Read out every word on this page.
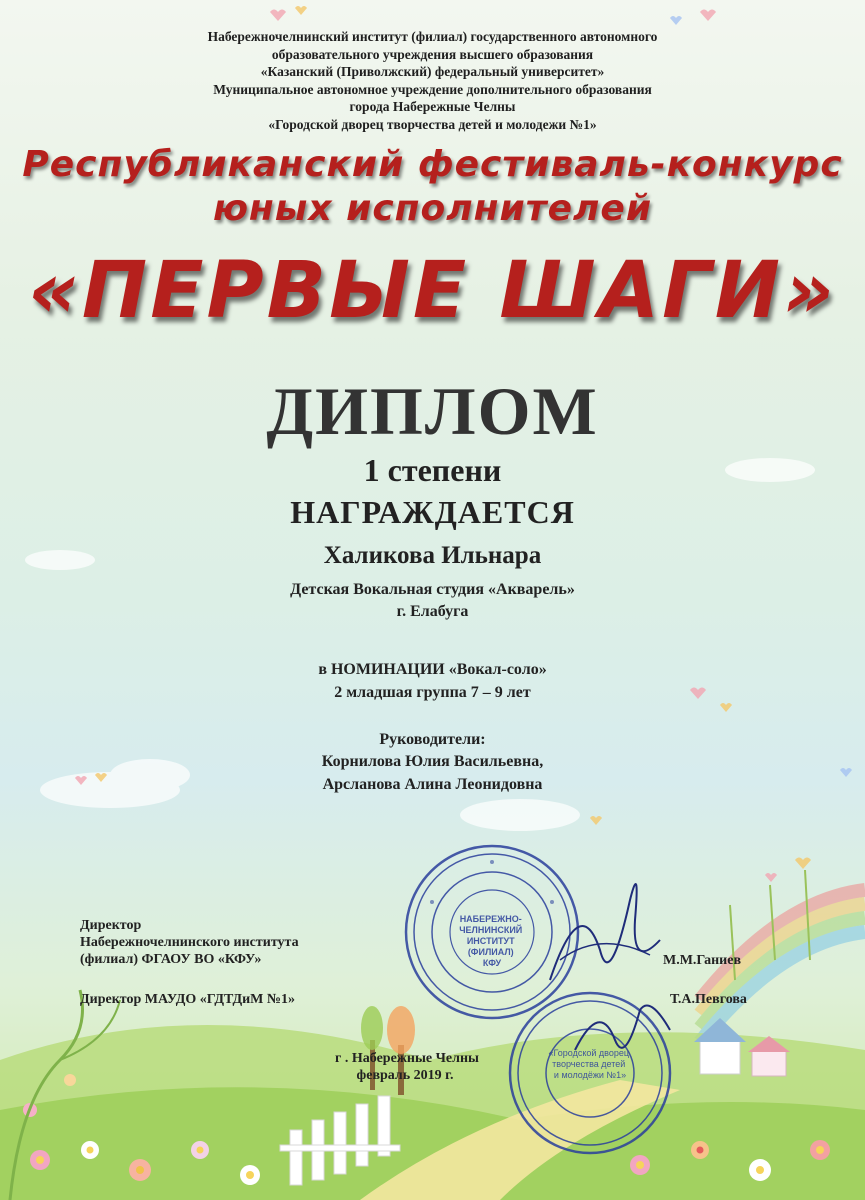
Набережночелнинский институт (филиал) государственного автономного
образовательного учреждения высшего образования
«Казанский (Приволжский) федеральный университет»
Муниципальное автономное учреждение дополнительного образования
города Набережные Челны
«Городской дворец творчества детей и молодежи №1»
Республиканский фестиваль-конкурс
юных исполнителей
«ПЕРВЫЕ ШАГИ»
ДИПЛОМ
1 степени
НАГРАЖДАЕТСЯ
Халикова Ильнара
Детская Вокальная студия «Акварель»
г. Елабуга
в НОМИНАЦИИ «Вокал-соло»
2 младшая группа 7 – 9 лет
Руководители:
Корнилова Юлия Васильевна,
Арсланова Алина Леонидовна
Директор
Набережночелнинского института
(филиал) ФГАОУ ВО «КФУ»	М.М.Ганиев
Директор МАУДО «ГДТДиМ №1»	Т.А.Певгова
г . Набережные Челны
февраль 2019 г.
НАБЕРЕЖНО- ЧЕЛНИНСКИЙ ИНСТИТУТ (ФИЛИАЛ) КФУ
«Городской дворец творчества детей и молодёжи №1»
